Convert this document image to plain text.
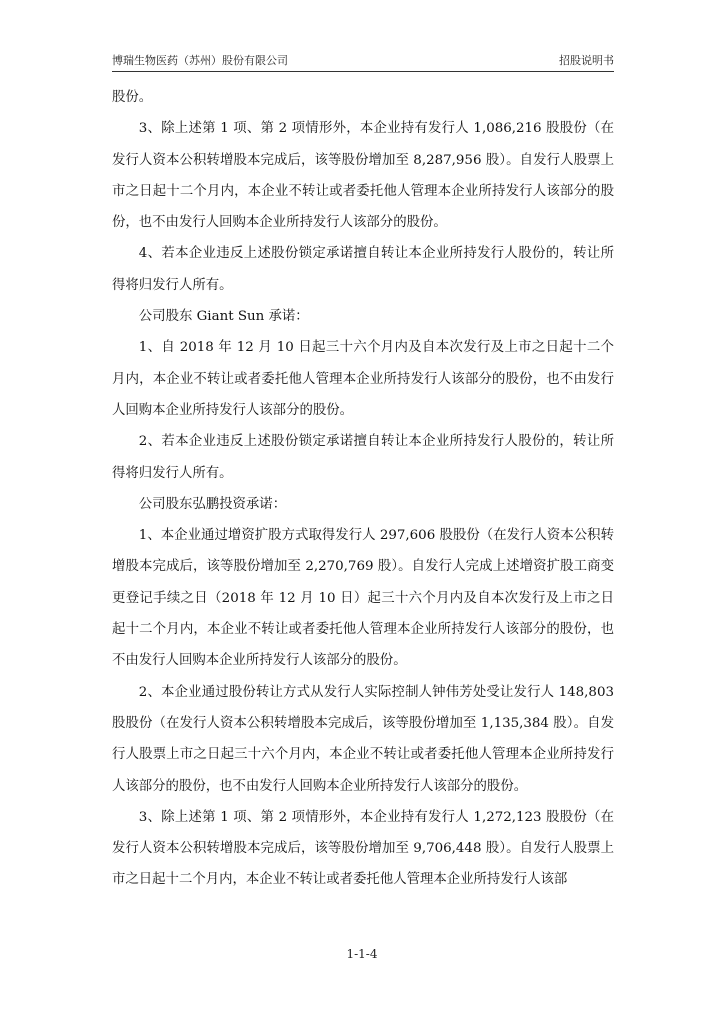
博瑞生物医药（苏州）股份有限公司	招股说明书

股份。

3、除上述第 1 项、第 2 项情形外，本企业持有发行人 1,086,216 股股份（在发行人资本公积转增股本完成后，该等股份增加至 8,287,956 股）。自发行人股票上市之日起十二个月内，本企业不转让或者委托他人管理本企业所持发行人该部分的股份，也不由发行人回购本企业所持发行人该部分的股份。

4、若本企业违反上述股份锁定承诺擅自转让本企业所持发行人股份的，转让所得将归发行人所有。

公司股东 Giant Sun 承诺：

1、自 2018 年 12 月 10 日起三十六个月内及自本次发行及上市之日起十二个月内，本企业不转让或者委托他人管理本企业所持发行人该部分的股份，也不由发行人回购本企业所持发行人该部分的股份。

2、若本企业违反上述股份锁定承诺擅自转让本企业所持发行人股份的，转让所得将归发行人所有。

公司股东弘鹏投资承诺：

1、本企业通过增资扩股方式取得发行人 297,606 股股份（在发行人资本公积转增股本完成后，该等股份增加至 2,270,769 股）。自发行人完成上述增资扩股工商变更登记手续之日（2018 年 12 月 10 日）起三十六个月内及自本次发行及上市之日起十二个月内，本企业不转让或者委托他人管理本企业所持发行人该部分的股份，也不由发行人回购本企业所持发行人该部分的股份。

2、本企业通过股份转让方式从发行人实际控制人钟伟芳处受让发行人 148,803 股股份（在发行人资本公积转增股本完成后，该等股份增加至 1,135,384 股）。自发行人股票上市之日起三十六个月内，本企业不转让或者委托他人管理本企业所持发行人该部分的股份，也不由发行人回购本企业所持发行人该部分的股份。

3、除上述第 1 项、第 2 项情形外，本企业持有发行人 1,272,123 股股份（在发行人资本公积转增股本完成后，该等股份增加至 9,706,448 股）。自发行人股票上市之日起十二个月内，本企业不转让或者委托他人管理本企业所持发行人该部

1-1-4
